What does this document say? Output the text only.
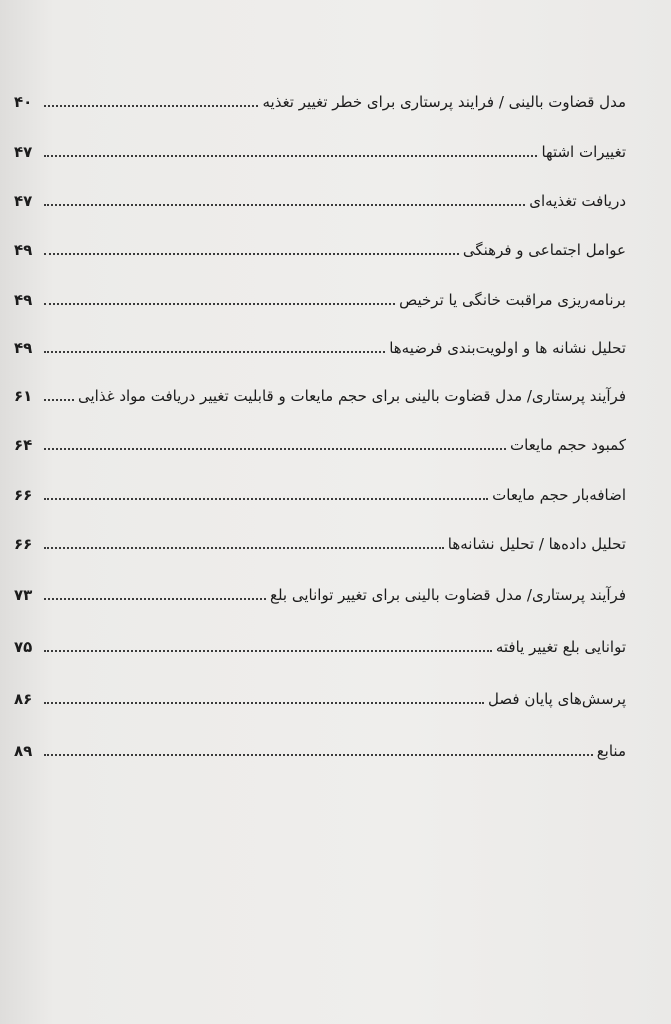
مدل قضاوت بالینی / فرایند پرستاری برای خطر تغییر تغذیه
۴۰
تغییرات اشتها
۴۷
دریافت تغذیه‌ای
۴۷
عوامل اجتماعی و فرهنگی
۴۹
برنامه‌ریزی مراقبت خانگی یا ترخیص
۴۹
تحلیل نشانه ها و اولویت‌بندی فرضیه‌ها
۴۹
فرآیند پرستاری/ مدل قضاوت بالینی برای حجم مایعات و قابلیت تغییر دریافت مواد غذایی
۶۱
کمبود حجم مایعات
۶۴
اضافه‌بار حجم مایعات
۶۶
تحلیل داده‌ها / تحلیل نشانه‌ها
۶۶
فرآیند پرستاری/ مدل قضاوت بالینی برای تغییر توانایی بلع
۷۳
توانایی بلع تغییر یافته
۷۵
پرسش‌های پایان فصل
۸۶
منابع
۸۹
